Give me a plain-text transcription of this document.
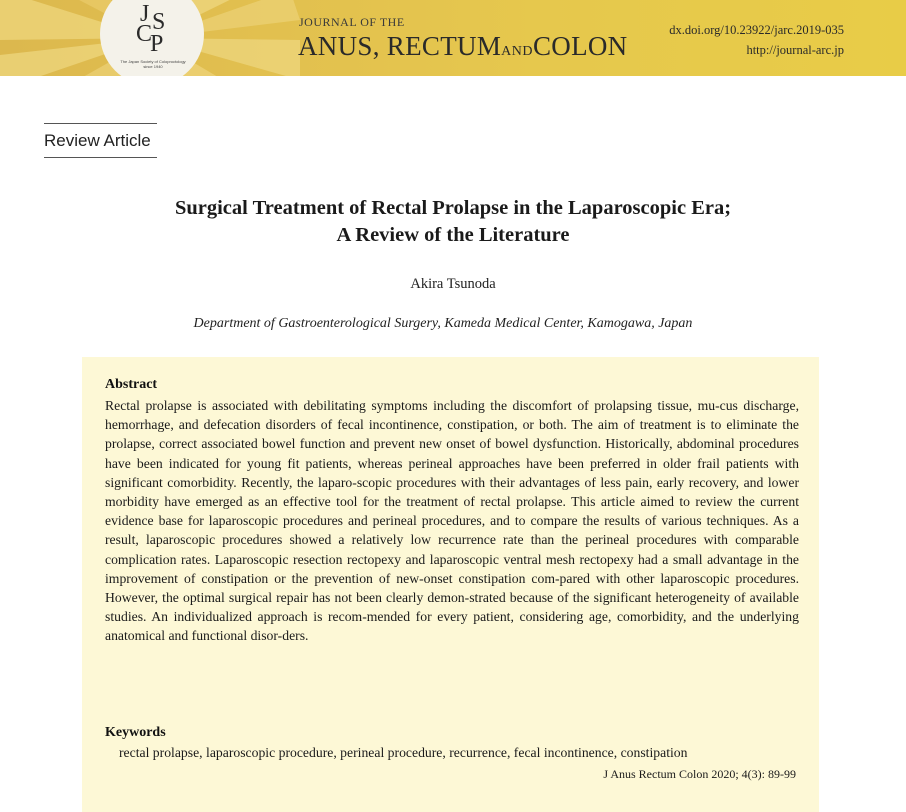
J S
C
P
The Japan Society of Coloproctology since 1940
JOURNAL OF THE
ANUS, RECTUMANDCOLON
dx.doi.org/10.23922/jarc.2019-035
http://journal-arc.jp
Review Article
Surgical Treatment of Rectal Prolapse in the Laparoscopic Era;
A Review of the Literature
Akira Tsunoda
Department of Gastroenterological Surgery, Kameda Medical Center, Kamogawa, Japan
Abstract
Rectal prolapse is associated with debilitating symptoms including the discomfort of prolapsing tissue, mu-cus discharge, hemorrhage, and defecation disorders of fecal incontinence, constipation, or both. The aim of treatment is to eliminate the prolapse, correct associated bowel function and prevent new onset of bowel dysfunction. Historically, abdominal procedures have been indicated for young fit patients, whereas perineal approaches have been preferred in older frail patients with significant comorbidity. Recently, the laparo-scopic procedures with their advantages of less pain, early recovery, and lower morbidity have emerged as an effective tool for the treatment of rectal prolapse. This article aimed to review the current evidence base for laparoscopic procedures and perineal procedures, and to compare the results of various techniques. As a result, laparoscopic procedures showed a relatively low recurrence rate than the perineal procedures with comparable complication rates. Laparoscopic resection rectopexy and laparoscopic ventral mesh rectopexy had a small advantage in the improvement of constipation or the prevention of new-onset constipation com-pared with other laparoscopic procedures. However, the optimal surgical repair has not been clearly demon-strated because of the significant heterogeneity of available studies. An individualized approach is recom-mended for every patient, considering age, comorbidity, and the underlying anatomical and functional disor-ders.
Keywords
rectal prolapse, laparoscopic procedure, perineal procedure, recurrence, fecal incontinence, constipation
J Anus Rectum Colon 2020; 4(3): 89-99
